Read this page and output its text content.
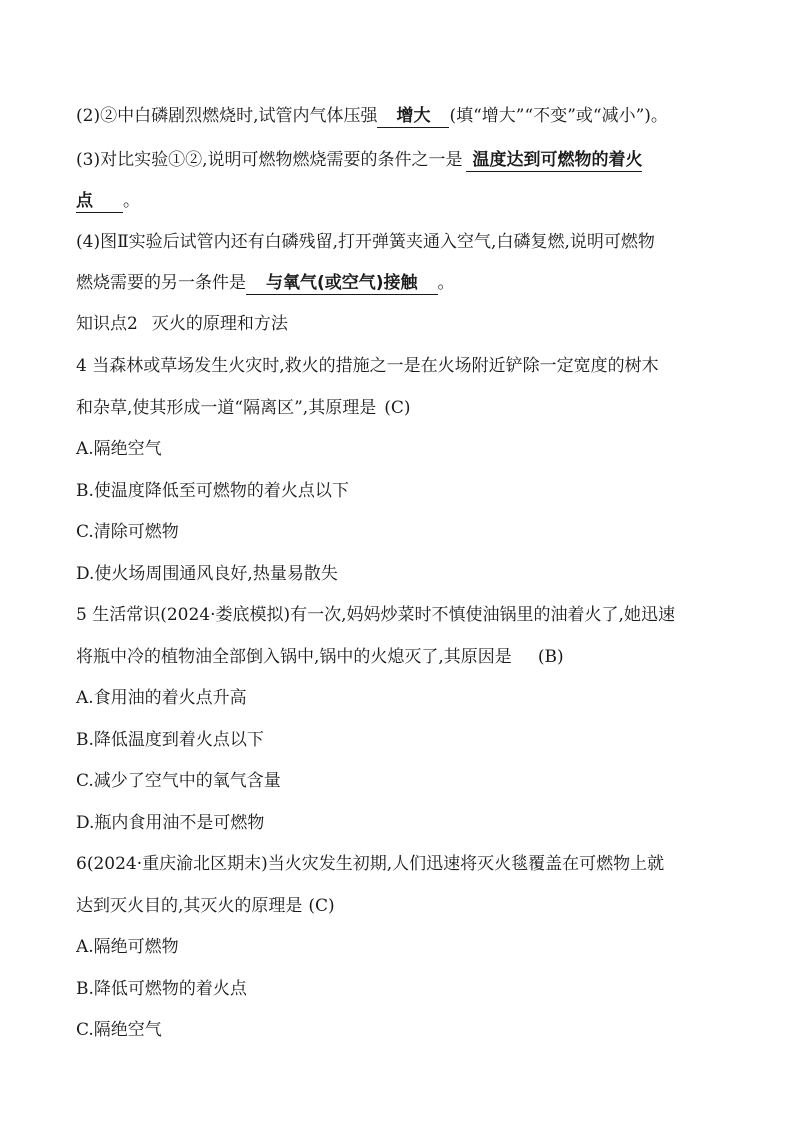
(2)②中白磷剧烈燃烧时,试管内气体压强 增大 (填“增大”“不变”或“减小”)。
(3)对比实验①②,说明可燃物燃烧需要的条件之一是 温度达到可燃物的着火
点 。
(4)图Ⅱ实验后试管内还有白磷残留,打开弹簧夹通入空气,白磷复燃,说明可燃物
燃烧需要的另一条件是 与氧气(或空气)接触 。
知识点2 灭火的原理和方法
4 当森林或草场发生火灾时,救火的措施之一是在火场附近铲除一定宽度的树木
和杂草,使其形成一道“隔离区”,其原理是 (C)
A.隔绝空气
B.使温度降低至可燃物的着火点以下
C.清除可燃物
D.使火场周围通风良好,热量易散失
5 生活常识(2024·娄底模拟)有一次,妈妈炒菜时不慎使油锅里的油着火了,她迅速
将瓶中冷的植物油全部倒入锅中,锅中的火熄灭了,其原因是 (B)
A.食用油的着火点升高
B.降低温度到着火点以下
C.减少了空气中的氧气含量
D.瓶内食用油不是可燃物
6(2024·重庆渝北区期末)当火灾发生初期,人们迅速将灭火毯覆盖在可燃物上就
达到灭火目的,其灭火的原理是 (C)
A.隔绝可燃物
B.降低可燃物的着火点
C.隔绝空气
